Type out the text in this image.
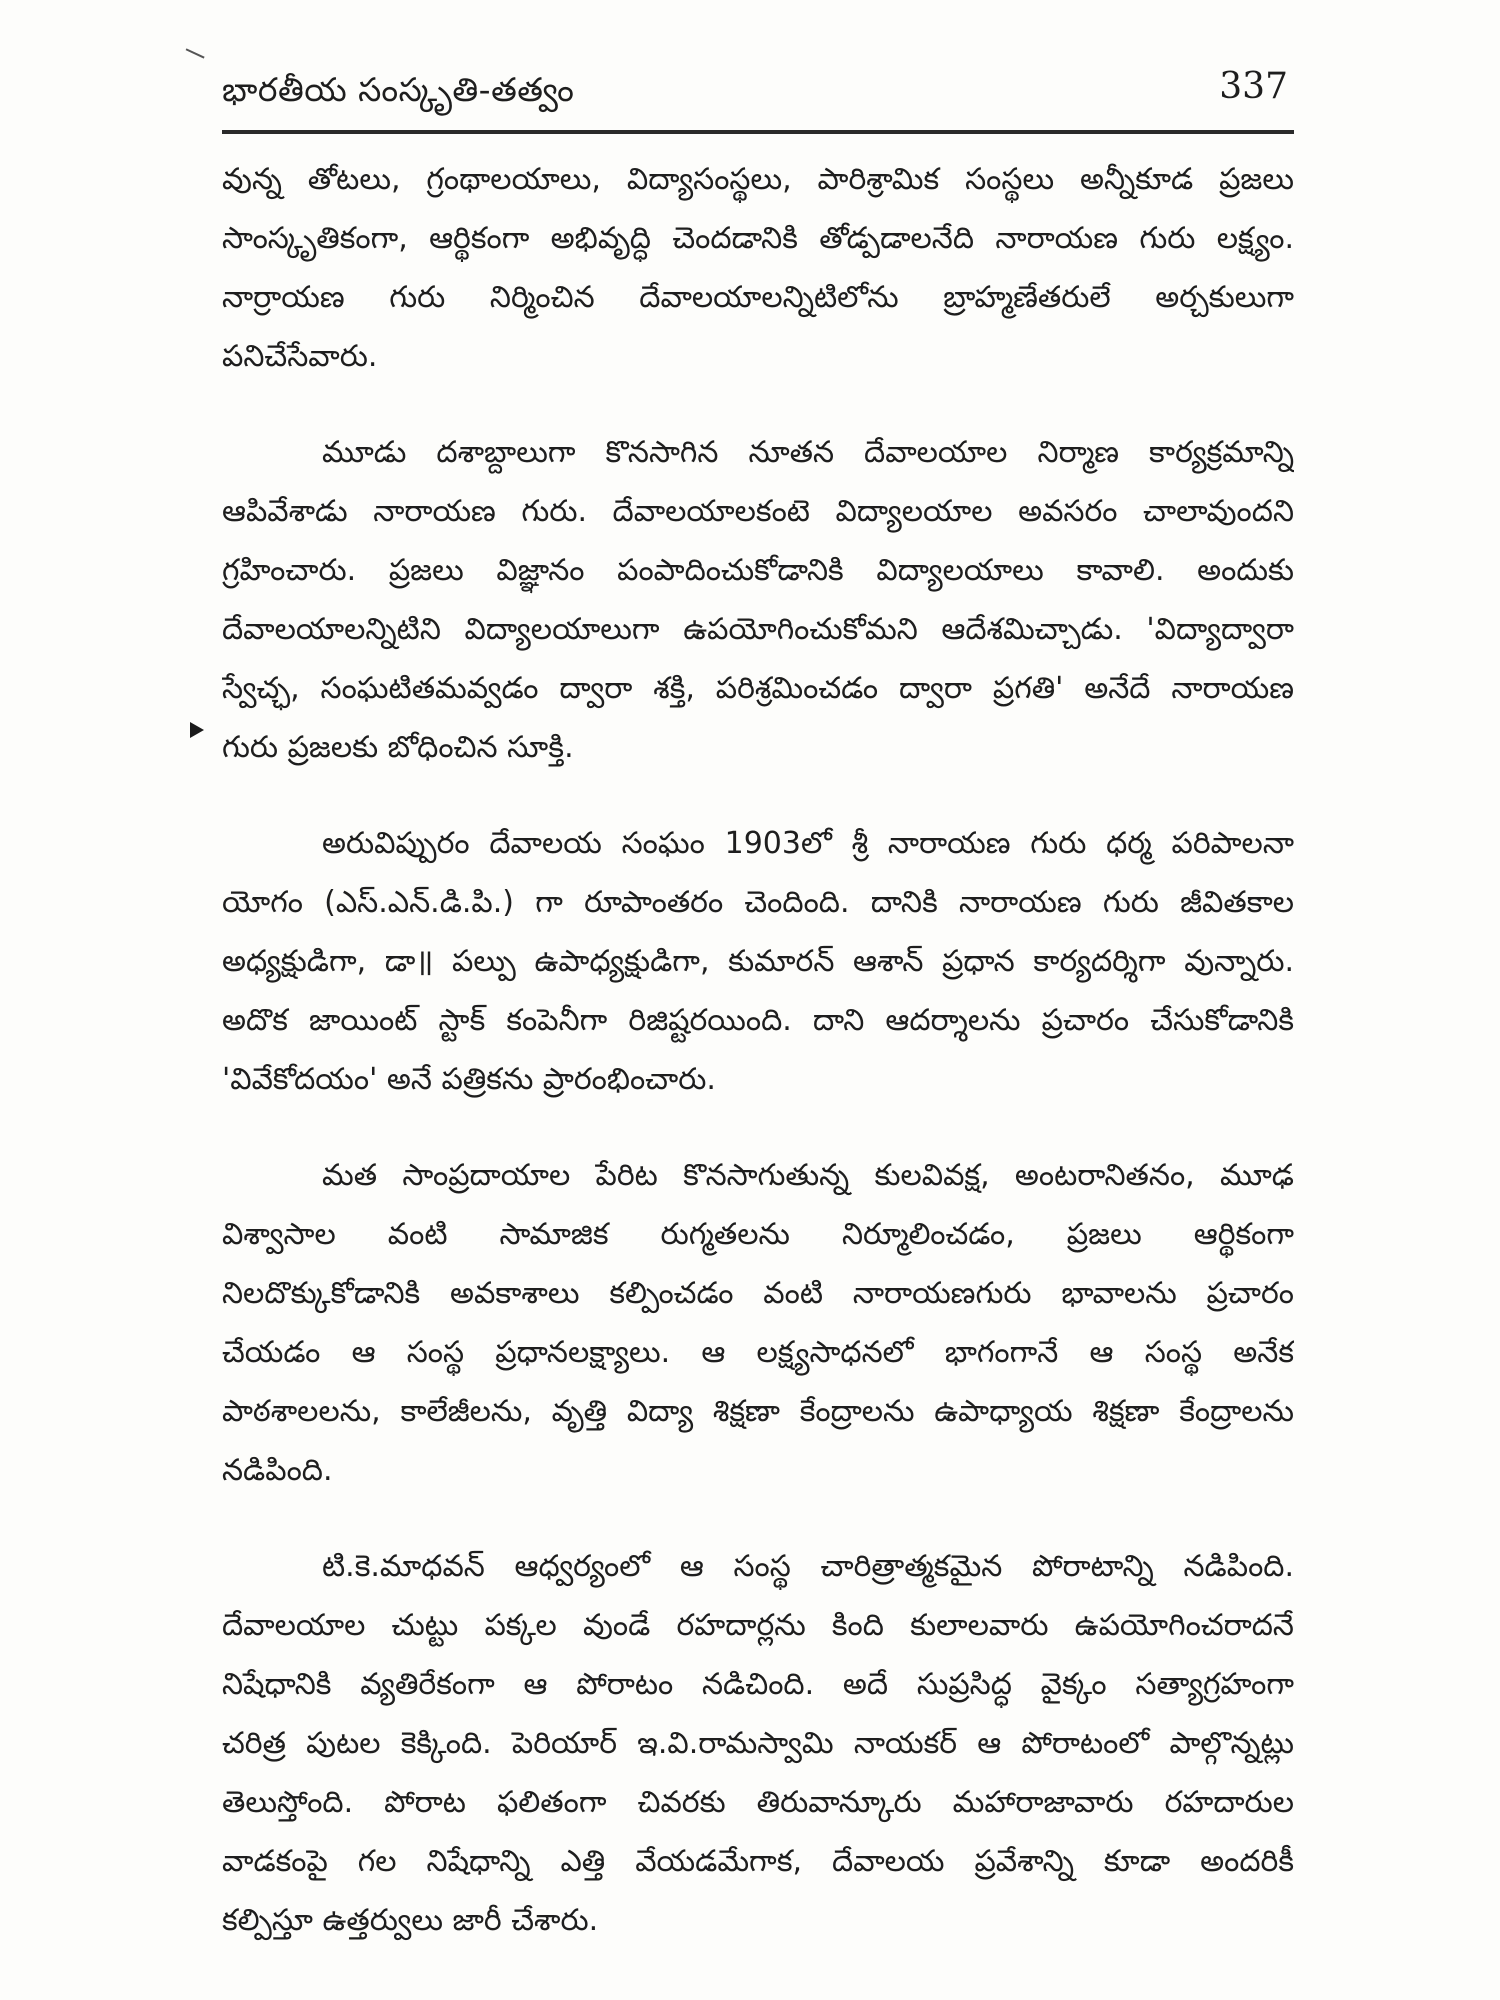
భారతీయ సంస్కృతి-తత్వం	337
వున్న తోటలు, గ్రంథాలయాలు, విద్యాసంస్థలు, పారిశ్రామిక సంస్థలు అన్నీకూడ ప్రజలు
సాంస్కృతికంగా, ఆర్థికంగా అభివృద్ధి చెందడానికి తోడ్పడాలనేది నారాయణ గురు లక్ష్యం.
నార్రాయణ గురు నిర్మించిన దేవాలయాలన్నిటిలోను బ్రాహ్మణేతరులే అర్చకులుగా
పనిచేసేవారు.
మూడు దశాబ్దాలుగా కొనసాగిన నూతన దేవాలయాల నిర్మాణ కార్యక్రమాన్ని
ఆపివేశాడు నారాయణ గురు. దేవాలయాలకంటె విద్యాలయాల అవసరం చాలావుందని
గ్రహించారు. ప్రజలు విజ్ఞానం పంపాదించుకోడానికి విద్యాలయాలు కావాలి. అందుకు
దేవాలయాలన్నిటిని విద్యాలయాలుగా ఉపయోగించుకోమని ఆదేశమిచ్చాడు. 'విద్యాద్వారా
స్వేచ్ఛ, సంఘటితమవ్వడం ద్వారా శక్తి, పరిశ్రమించడం ద్వారా ప్రగతి' అనేదే నారాయణ
గురు ప్రజలకు బోధించిన సూక్తి.
అరువిప్పురం దేవాలయ సంఘం 1903లో శ్రీ నారాయణ గురు ధర్మ పరిపాలనా
యోగం (ఎస్.ఎన్.డి.పి.) గా రూపాంతరం చెందింది. దానికి నారాయణ గురు జీవితకాల
అధ్యక్షుడిగా, డా॥ పల్పు ఉపాధ్యక్షుడిగా, కుమారన్ ఆశాన్ ప్రధాన కార్యదర్శిగా వున్నారు.
అదొక జాయింట్ స్టాక్ కంపెనీగా రిజిష్టరయింది. దాని ఆదర్శాలను ప్రచారం చేసుకోడానికి
'వివేకోదయం' అనే పత్రికను ప్రారంభించారు.
మత సాంప్రదాయాల పేరిట కొనసాగుతున్న కులవివక్ష, అంటరానితనం, మూఢ
విశ్వాసాల వంటి సామాజిక రుగ్మతలను నిర్మూలించడం, ప్రజలు ఆర్థికంగా
నిలదొక్కుకోడానికి అవకాశాలు కల్పించడం వంటి నారాయణగురు భావాలను ప్రచారం
చేయడం ఆ సంస్థ ప్రధానలక్ష్యాలు. ఆ లక్ష్యసాధనలో భాగంగానే ఆ సంస్థ అనేక
పాఠశాలలను, కాలేజీలను, వృత్తి విద్యా శిక్షణా కేంద్రాలను ఉపాధ్యాయ శిక్షణా కేంద్రాలను
నడిపింది.
టి.కె.మాధవన్ ఆధ్వర్యంలో ఆ సంస్థ చారిత్రాత్మకమైన పోరాటాన్ని నడిపింది.
దేవాలయాల చుట్టు పక్కల వుండే రహదార్లను కింది కులాలవారు ఉపయోగించరాదనే
నిషేధానికి వ్యతిరేకంగా ఆ పోరాటం నడిచింది. అదే సుప్రసిద్ధ వైక్కం సత్యాగ్రహంగా
చరిత్ర పుటల కెక్కింది. పెరియార్ ఇ.వి.రామస్వామి నాయకర్ ఆ పోరాటంలో పాల్గొన్నట్లు
తెలుస్తోంది. పోరాట ఫలితంగా చివరకు తిరువాన్కూరు మహారాజావారు రహదారుల
వాడకంపై గల నిషేధాన్ని ఎత్తి వేయడమేగాక, దేవాలయ ప్రవేశాన్ని కూడా అందరికీ
కల్పిస్తూ ఉత్తర్వులు జారీ చేశారు.
